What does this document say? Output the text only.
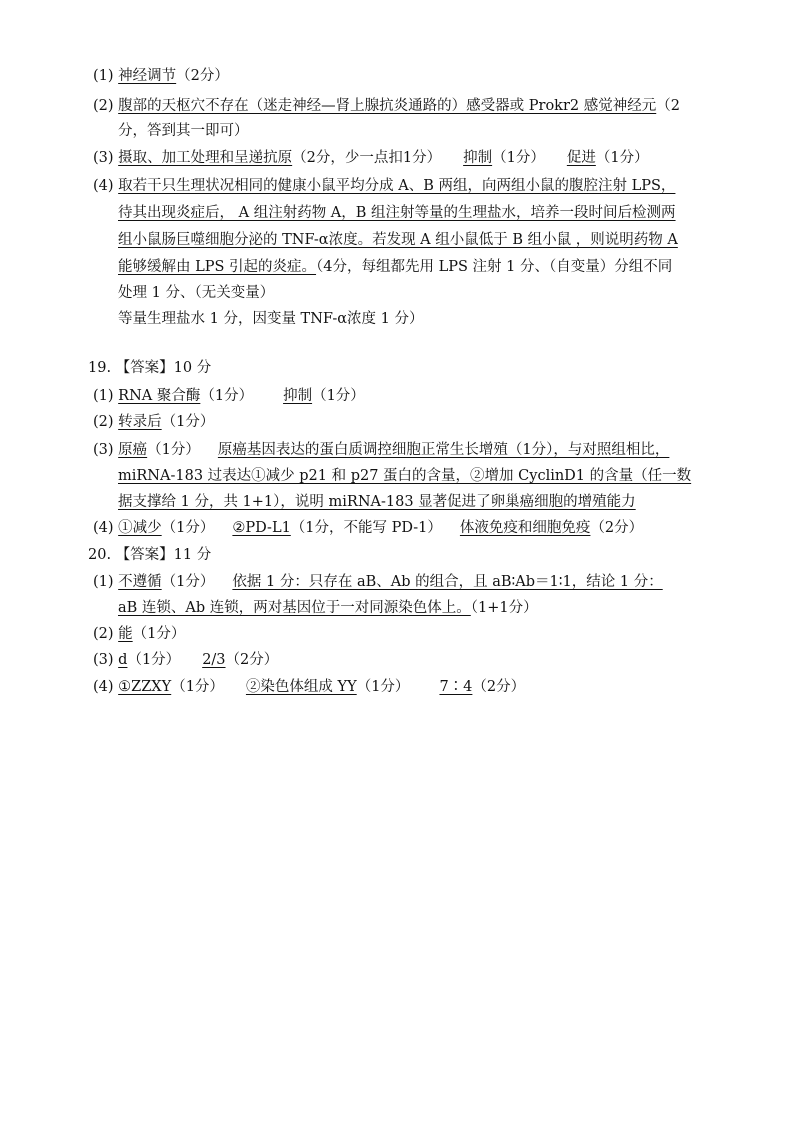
(1) 神经调节（2分）
(2) 腹部的天枢穴不存在（迷走神经—肾上腺抗炎通路的）感受器或 Prokr2 感觉神经元（2
分，答到其一即可）
(3) 摄取、加工处理和呈递抗原（2分，少一点扣1分） 抑制（1分） 促进（1分）
(4) 取若干只生理状况相同的健康小鼠平均分成 A、B 两组，向两组小鼠的腹腔注射 LPS，
待其出现炎症后， A 组注射药物 A，B 组注射等量的生理盐水，培养一段时间后检测两
组小鼠肠巨噬细胞分泌的 TNF-α浓度。若发现 A 组小鼠低于 B 组小鼠 ，则说明药物 A
能够缓解由 LPS 引起的炎症。（4分，每组都先用 LPS 注射 1 分、（自变量）分组不同
处理 1 分、（无关变量）
等量生理盐水 1 分，因变量 TNF-α浓度 1 分）
19. 【答案】10 分
(1) RNA 聚合酶（1分） 抑制（1分）
(2) 转录后（1分）
(3) 原癌（1分） 原癌基因表达的蛋白质调控细胞正常生长增殖（1分），与对照组相比，
miRNA-183 过表达①减少 p21 和 p27 蛋白的含量，②增加 CyclinD1 的含量（任一数
据支撑给 1 分，共 1+1），说明 miRNA-183 显著促进了卵巢癌细胞的增殖能力
(4) ①减少（1分） ②PD-L1（1分，不能写 PD-1） 体液免疫和细胞免疫（2分）
20. 【答案】11 分
(1) 不遵循（1分） 依据 1 分：只存在 aB、Ab 的组合，且 aB∶Ab＝1∶1，结论 1 分：
aB 连锁、Ab 连锁，两对基因位于一对同源染色体上。（1+1分）
(2) 能（1分）
(3) d（1分） 2/3（2分）
(4) ①ZZXY（1分） ②染色体组成 YY（1分） 7∶4（2分）
